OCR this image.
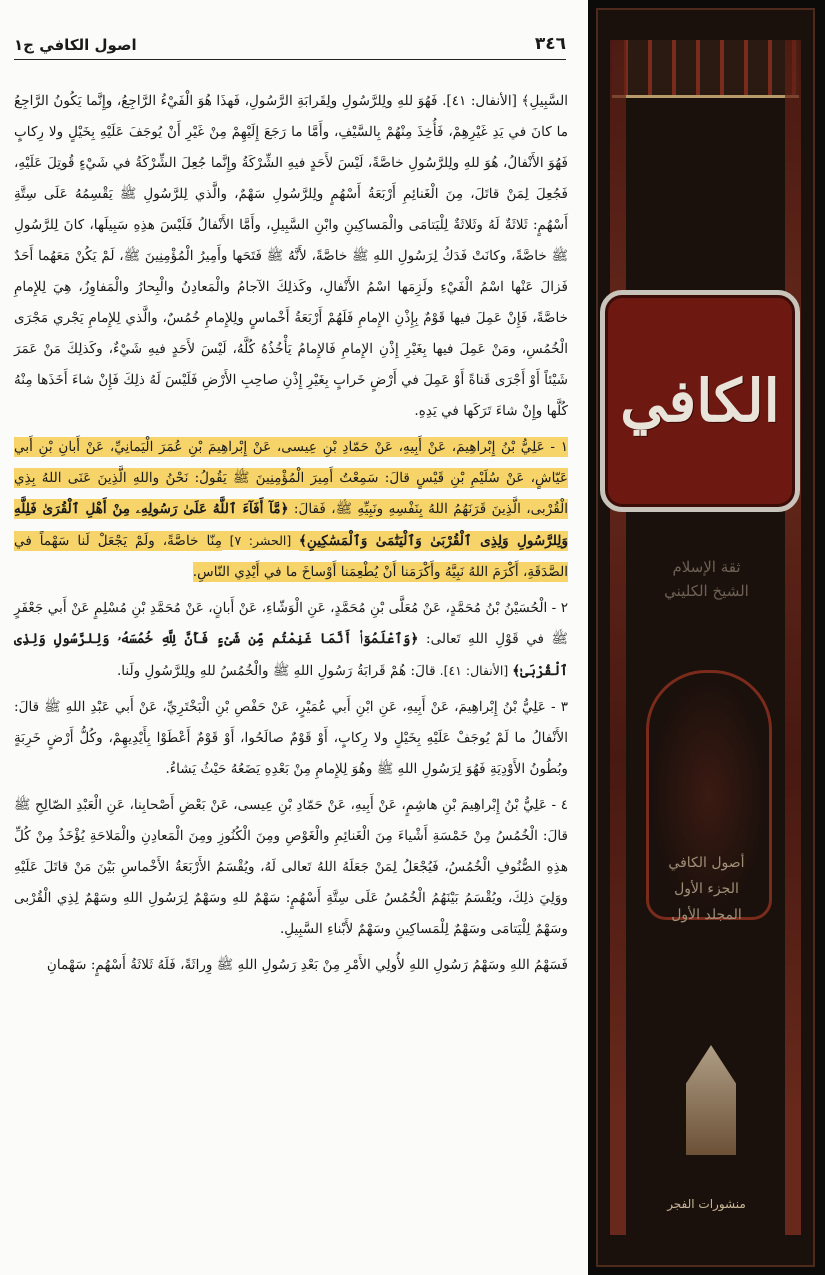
٣٤٦
اصول الكافي ج١

السَّبِيلِ﴾ [الأنفال: ٤١]. فَهُوَ للهِ ولِلرَّسُولِ ولِقَرابَةِ الرَّسُولِ، فَهذَا هُوَ الْفَيْءُ الرَّاجِعُ، وإِنَّما يَكُونُ الرَّاجِعُ ما كانَ في يَدِ غَيْرِهِمْ، فَأُخِذَ مِنْهُمْ بِالسَّيْفِ، وأَمَّا ما رَجَعَ إِلَيْهِمْ مِنْ غَيْرِ أَنْ يُوجَفَ عَلَيْهِ بِخَيْلٍ ولا رِكابٍ فَهُوَ الأَنْفالُ، هُوَ للهِ ولِلرَّسُولِ خاصَّةً، لَيْسَ لأَحَدٍ فيهِ الشِّرْكَةُ وإِنَّما جُعِلَ الشِّرْكَةُ في شَيْءٍ قُوتِلَ عَلَيْهِ، فَجُعِلَ لِمَنْ قاتَلَ، مِنَ الْغَنائِمِ أَرْبَعَةُ أَسْهُمٍ ولِلرَّسُولِ سَهْمٌ، والَّذي لِلرَّسُولِ ﷺ يَقْسِمُهُ عَلَى سِتَّةِ أَسْهُمٍ: ثَلاثَةٌ لَهُ وثَلاثَةٌ لِلْيَتامَى والْمَساكِينِ وابْنِ السَّبِيلِ، وأَمَّا الأَنْفالُ فَلَيْسَ هذِهِ سَبِيلَها، كانَ لِلرَّسُولِ ﷺ خاصَّةً، وكانَتْ فَدَكُ لِرَسُولِ اللهِ ﷺ خاصَّةً، لأَنَّهُ ﷺ فَتَحَها وأَمِيرُ الْمُؤْمِنِينَ ﷺ، لَمْ يَكُنْ مَعَهُما أَحَدٌ فَزالَ عَنْها اسْمُ الْفَيْءِ ولَزِمَها اسْمُ الأَنْفالِ، وكَذلِكَ الآجامُ والْمَعادِنُ والْبِحارُ والْمَفاوِزُ، هِيَ لِلإِمامِ خاصَّةً، فَإِنْ عَمِلَ فيها قَوْمٌ بِإِذْنِ الإِمامِ فَلَهُمْ أَرْبَعَةُ أَخْماسٍ ولِلإِمامِ خُمُسٌ، والَّذي لِلإِمامِ يَجْري مَجْرَى الْخُمُسِ، ومَنْ عَمِلَ فيها بِغَيْرِ إِذْنِ الإِمامِ فَالإِمامُ يَأْخُذُهُ كُلَّهُ، لَيْسَ لأَحَدٍ فيهِ شَيْءٌ، وكَذلِكَ مَنْ عَمَرَ شَيْئاً أَوْ أَجْرَى قَناةً أَوْ عَمِلَ في أَرْضٍ خَرابٍ بِغَيْرِ إِذْنِ صاحِبِ الأَرْضِ فَلَيْسَ لَهُ ذلِكَ فَإِنْ شاءَ أَخَذَها مِنْهُ كُلَّها وإِنْ شاءَ تَرَكَها في يَدِهِ.

١ - عَلِيُّ بْنُ إِبْراهِيمَ، عَنْ أَبِيهِ، عَنْ حَمّادِ بْنِ عِيسى، عَنْ إِبْراهِيمَ بْنِ عُمَرَ الْيَمانِيِّ، عَنْ أَبانِ بْنِ أَبي عَيّاشٍ، عَنْ سُلَيْمِ بْنِ قَيْسٍ قالَ: سَمِعْتُ أَمِيرَ الْمُؤْمِنِينَ ﷺ يَقُولُ: نَحْنُ واللهِ الَّذِينَ عَنَى اللهُ بِذِي الْقُرْبى، الَّذِينَ قَرَنَهُمُ اللهُ بِنَفْسِهِ ونَبِيِّهِ ﷺ، فَقالَ: ﴿مَّآ أَفَآءَ ٱللَّهُ عَلَىٰ رَسُولِهِۦ مِنْ أَهْلِ ٱلْقُرَىٰ فَلِلَّهِ وَلِلرَّسُولِ وَلِذِى ٱلْقُرْبَىٰ وَٱلْيَتَٰمَىٰ وَٱلْمَسَٰكِينِ﴾ [الحشر: ٧] مِنّا خاصَّةً، ولَمْ يَجْعَلْ لَنا سَهْماً في الصَّدَقَةِ، أَكْرَمَ اللهُ نَبِيَّهُ وأَكْرَمَنا أَنْ يُطْعِمَنا أَوْساخَ ما في أَيْدِي النّاسِ.

٢ - الْحُسَيْنُ بْنُ مُحَمَّدٍ، عَنْ مُعَلَّى بْنِ مُحَمَّدٍ، عَنِ الْوَشّاءِ، عَنْ أَبانٍ، عَنْ مُحَمَّدِ بْنِ مُسْلِمٍ عَنْ أَبي جَعْفَرٍ ﷺ في قَوْلِ اللهِ تَعالى: ﴿وَٱعْلَمُوٓا۟ أَنَّمَا غَنِمْتُم مِّن شَىْءٍ فَأَنَّ لِلَّهِ خُمُسَهُۥ وَلِلرَّسُولِ وَلِذِى ٱلْقُرْبَىٰ﴾ [الأنفال: ٤١]. قالَ: هُمْ قَرابَةُ رَسُولِ اللهِ ﷺ والْخُمُسُ للهِ ولِلرَّسُولِ ولَنا.

٣ - عَلِيُّ بْنُ إِبْراهِيمَ، عَنْ أَبِيهِ، عَنِ ابْنِ أَبي عُمَيْرٍ، عَنْ حَفْصِ بْنِ الْبَخْتَرِيِّ، عَنْ أَبي عَبْدِ اللهِ ﷺ قالَ: الأَنْفالُ ما لَمْ يُوجَفْ عَلَيْهِ بِخَيْلٍ ولا رِكابٍ، أَوْ قَوْمٌ صالَحُوا، أَوْ قَوْمٌ أَعْطَوْا بِأَيْدِيهِمْ، وكُلُّ أَرْضٍ خَرِبَةٍ وبُطُونُ الأَوْدِيَةِ فَهُوَ لِرَسُولِ اللهِ ﷺ وهُوَ لِلإِمامِ مِنْ بَعْدِهِ يَضَعُهُ حَيْثُ يَشاءُ.

٤ - عَلِيُّ بْنُ إِبْراهِيمَ بْنِ هاشِمٍ، عَنْ أَبِيهِ، عَنْ حَمّادِ بْنِ عِيسى، عَنْ بَعْضِ أَصْحابِنا، عَنِ الْعَبْدِ الصّالِحِ ﷺ قالَ: الْخُمُسُ مِنْ خَمْسَةِ أَشْياءَ مِنَ الْغَنائِمِ والْغَوْصِ ومِنَ الْكُنُوزِ ومِنَ الْمَعادِنِ والْمَلاحَةِ يُؤْخَذُ مِنْ كُلِّ هذِهِ الصُّنُوفِ الْخُمُسُ، فَيُجْعَلُ لِمَنْ جَعَلَهُ اللهُ تَعالى لَهُ، ويُقْسَمُ الأَرْبَعَةُ الأَخْماسِ بَيْنَ مَنْ قاتَلَ عَلَيْهِ ووَلِيَ ذلِكَ، ويُقْسَمُ بَيْنَهُمُ الْخُمُسُ عَلَى سِتَّةِ أَسْهُمٍ: سَهْمٌ للهِ وسَهْمٌ لِرَسُولِ اللهِ وسَهْمٌ لِذِي الْقُرْبى وسَهْمٌ لِلْيَتامَى وسَهْمٌ لِلْمَساكِينِ وسَهْمٌ لأَبْناءِ السَّبِيلِ.

فَسَهْمُ اللهِ وسَهْمُ رَسُولِ اللهِ لأُولِي الأَمْرِ مِنْ بَعْدِ رَسُولِ اللهِ ﷺ وِراثَةً، فَلَهُ ثَلاثَةُ أَسْهُمٍ: سَهْمانِ

الكافي
ثقة الإسلام
الشيخ الكليني
أصول الكافي
الجزء الأول
المجلد الأول
منشورات الفجر
